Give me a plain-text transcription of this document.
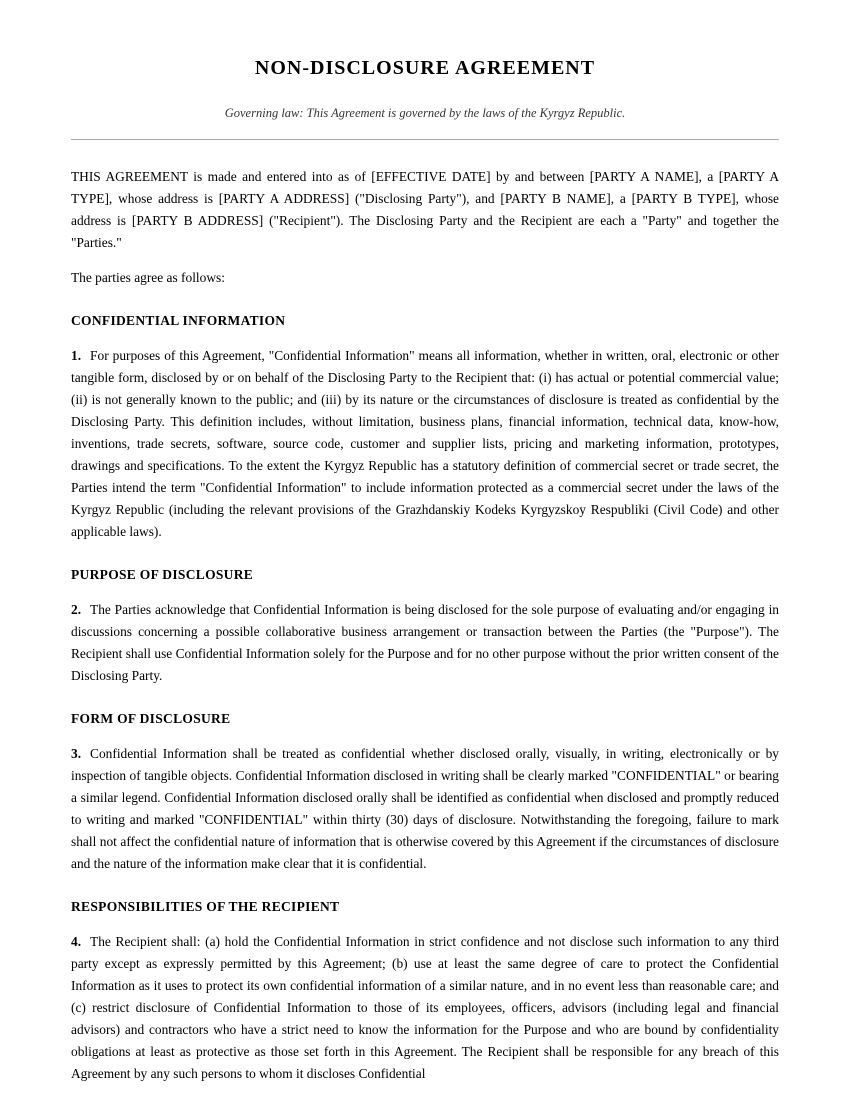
NON-DISCLOSURE AGREEMENT

Governing law: This Agreement is governed by the laws of the Kyrgyz Republic.

THIS AGREEMENT is made and entered into as of [EFFECTIVE DATE] by and between [PARTY A NAME], a [PARTY A TYPE], whose address is [PARTY A ADDRESS] ("Disclosing Party"), and [PARTY B NAME], a [PARTY B TYPE], whose address is [PARTY B ADDRESS] ("Recipient"). The Disclosing Party and the Recipient are each a "Party" and together the "Parties."

The parties agree as follows:

CONFIDENTIAL INFORMATION

1. For purposes of this Agreement, "Confidential Information" means all information, whether in written, oral, electronic or other tangible form, disclosed by or on behalf of the Disclosing Party to the Recipient that: (i) has actual or potential commercial value; (ii) is not generally known to the public; and (iii) by its nature or the circumstances of disclosure is treated as confidential by the Disclosing Party. This definition includes, without limitation, business plans, financial information, technical data, know-how, inventions, trade secrets, software, source code, customer and supplier lists, pricing and marketing information, prototypes, drawings and specifications. To the extent the Kyrgyz Republic has a statutory definition of commercial secret or trade secret, the Parties intend the term "Confidential Information" to include information protected as a commercial secret under the laws of the Kyrgyz Republic (including the relevant provisions of the Grazhdanskiy Kodeks Kyrgyzskoy Respubliki (Civil Code) and other applicable laws).

PURPOSE OF DISCLOSURE

2. The Parties acknowledge that Confidential Information is being disclosed for the sole purpose of evaluating and/or engaging in discussions concerning a possible collaborative business arrangement or transaction between the Parties (the "Purpose"). The Recipient shall use Confidential Information solely for the Purpose and for no other purpose without the prior written consent of the Disclosing Party.

FORM OF DISCLOSURE

3. Confidential Information shall be treated as confidential whether disclosed orally, visually, in writing, electronically or by inspection of tangible objects. Confidential Information disclosed in writing shall be clearly marked "CONFIDENTIAL" or bearing a similar legend. Confidential Information disclosed orally shall be identified as confidential when disclosed and promptly reduced to writing and marked "CONFIDENTIAL" within thirty (30) days of disclosure. Notwithstanding the foregoing, failure to mark shall not affect the confidential nature of information that is otherwise covered by this Agreement if the circumstances of disclosure and the nature of the information make clear that it is confidential.

RESPONSIBILITIES OF THE RECIPIENT

4. The Recipient shall: (a) hold the Confidential Information in strict confidence and not disclose such information to any third party except as expressly permitted by this Agreement; (b) use at least the same degree of care to protect the Confidential Information as it uses to protect its own confidential information of a similar nature, and in no event less than reasonable care; and (c) restrict disclosure of Confidential Information to those of its employees, officers, advisors (including legal and financial advisors) and contractors who have a strict need to know the information for the Purpose and who are bound by confidentiality obligations at least as protective as those set forth in this Agreement. The Recipient shall be responsible for any breach of this Agreement by any such persons to whom it discloses Confidential
